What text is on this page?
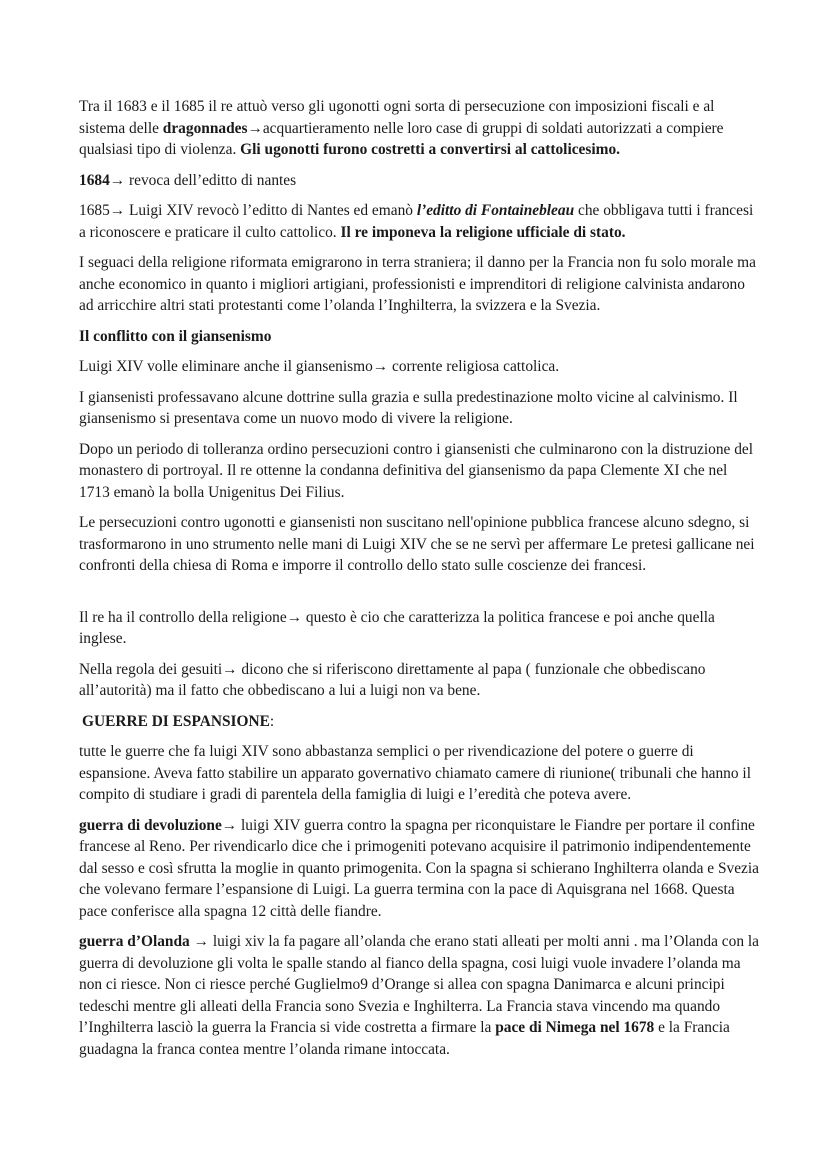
Tra il 1683 e il 1685 il re attuò verso gli ugonotti ogni sorta di persecuzione con imposizioni fiscali e al sistema delle dragonnades→acquartieramento nelle loro case di gruppi di soldati autorizzati a compiere qualsiasi tipo di violenza. Gli ugonotti furono costretti a convertirsi al cattolicesimo.

1684→ revoca dell’editto di nantes

1685→ Luigi XIV revocò l’editto di Nantes ed emanò l’editto di Fontainebleau che obbligava tutti i francesi a riconoscere e praticare il culto cattolico. Il re imponeva la religione ufficiale di stato.

I seguaci della religione riformata emigrarono in terra straniera; il danno per la Francia non fu solo morale ma anche economico in quanto i migliori artigiani, professionisti e imprenditori di religione calvinista andarono ad arricchire altri stati protestanti come l’olanda l’Inghilterra, la svizzera e la Svezia.

Il conflitto con il giansenismo

Luigi XIV volle eliminare anche il giansenismo→ corrente religiosa cattolica.

I giansenisti professavano alcune dottrine sulla grazia e sulla predestinazione molto vicine al calvinismo. Il giansenismo si presentava come un nuovo modo di vivere la religione.

Dopo un periodo di tolleranza ordino persecuzioni contro i giansenisti che culminarono con la distruzione del monastero di portroyal. Il re ottenne la condanna definitiva del giansenismo da papa Clemente XI che nel 1713 emanò la bolla Unigenitus Dei Filius.

Le persecuzioni contro ugonotti e giansenisti non suscitano nell'opinione pubblica francese alcuno sdegno, si trasformarono in uno strumento nelle mani di Luigi XIV che se ne servì per affermare Le pretesi gallicane nei confronti della chiesa di Roma e imporre il controllo dello stato sulle coscienze dei francesi.

Il re ha il controllo della religione→ questo è cio che caratterizza la politica francese e poi anche quella inglese.

Nella regola dei gesuiti→ dicono che si riferiscono direttamente al papa ( funzionale che obbediscano all’autorità) ma il fatto che obbediscano a lui a luigi non va bene.

GUERRE DI ESPANSIONE:

tutte le guerre che fa luigi XIV sono abbastanza semplici o per rivendicazione del potere o guerre di espansione. Aveva fatto stabilire un apparato governativo chiamato camere di riunione( tribunali che hanno il compito di studiare i gradi di parentela della famiglia di luigi e l’eredità che poteva avere.

guerra di devoluzione→ luigi XIV guerra contro la spagna per riconquistare le Fiandre per portare il confine francese al Reno. Per rivendicarlo dice che i primogeniti potevano acquisire il patrimonio indipendentemente dal sesso e così sfrutta la moglie in quanto primogenita. Con la spagna si schierano Inghilterra olanda e Svezia che volevano fermare l’espansione di Luigi. La guerra termina con la pace di Aquisgrana nel 1668. Questa pace conferisce alla spagna 12 città delle fiandre.

guerra d’Olanda → luigi xiv la fa pagare all’olanda che erano stati alleati per molti anni . ma l’Olanda con la guerra di devoluzione gli volta le spalle stando al fianco della spagna, cosi luigi vuole invadere l’olanda ma non ci riesce. Non ci riesce perché Guglielmo9 d’Orange si allea con spagna Danimarca e alcuni principi tedeschi mentre gli alleati della Francia sono Svezia e Inghilterra. La Francia stava vincendo ma quando l’Inghilterra lasciò la guerra la Francia si vide costretta a firmare la pace di Nimega nel 1678 e la Francia guadagna la franca contea mentre l’olanda rimane intoccata.
